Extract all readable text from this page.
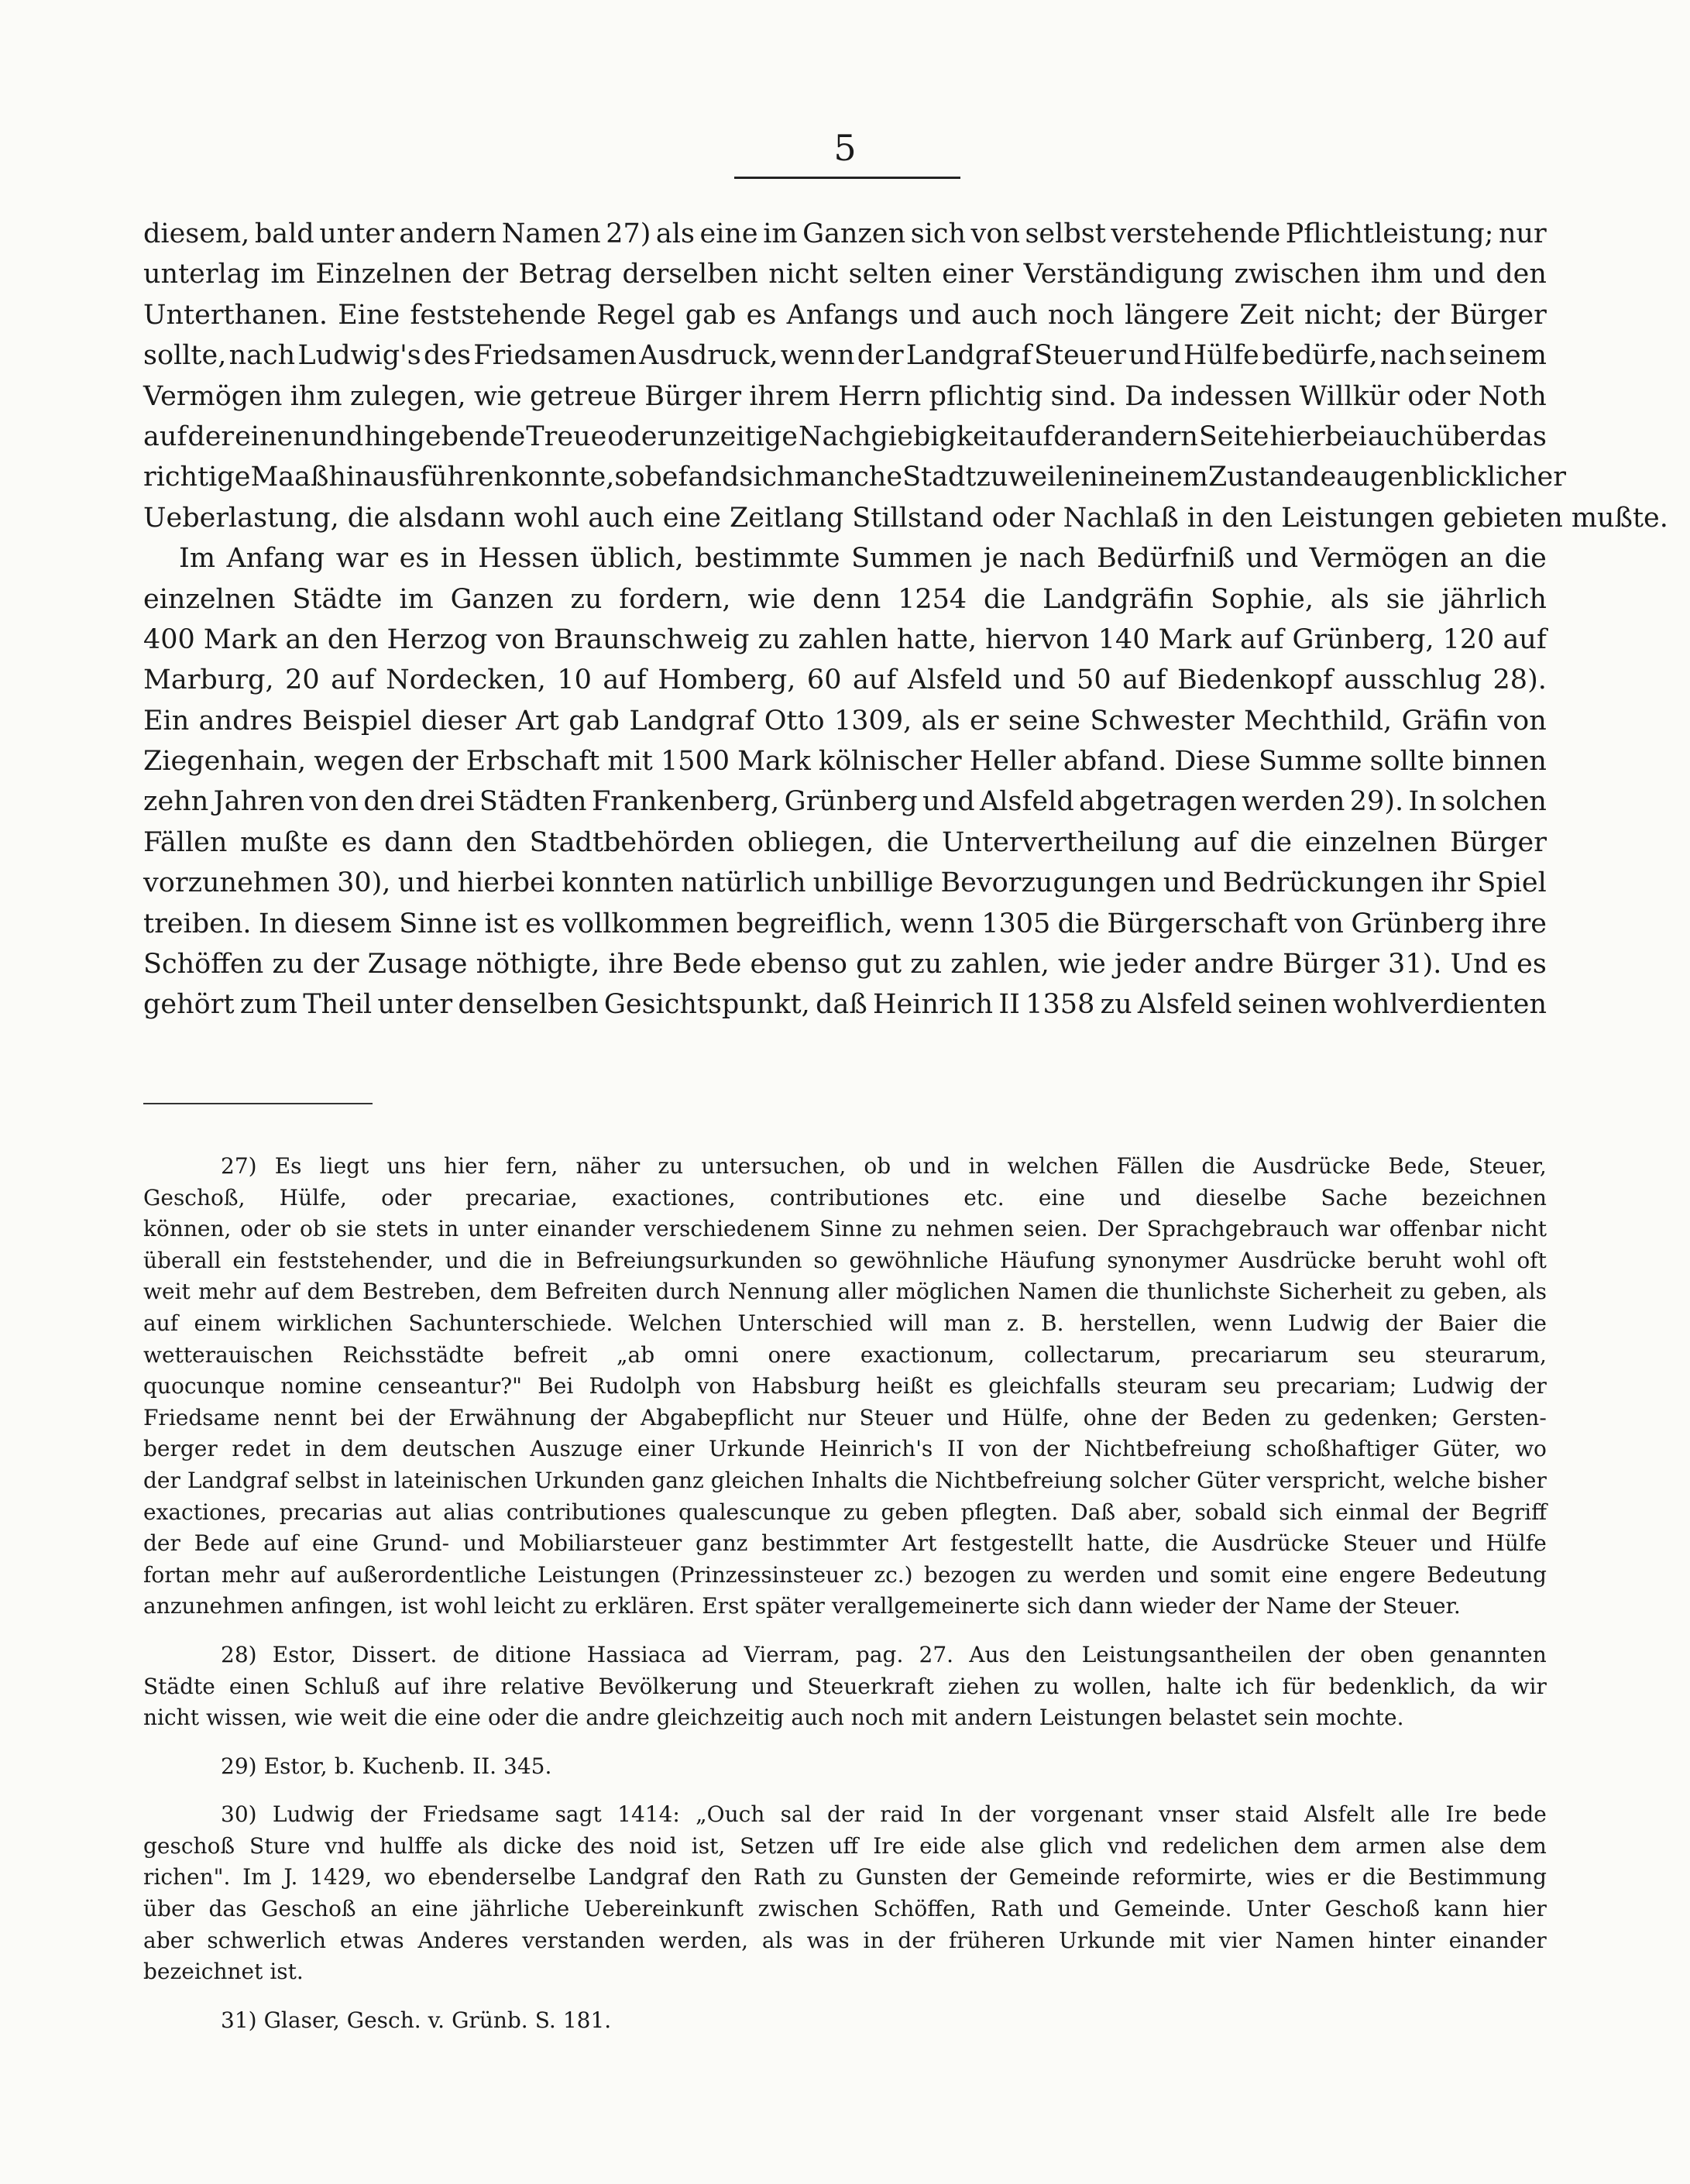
5
diesem, bald unter andern Namen 27) als eine im Ganzen sich von selbst verstehende Pflichtleistung; nur
unterlag im Einzelnen der Betrag derselben nicht selten einer Verständigung zwischen ihm und den
Unterthanen. Eine feststehende Regel gab es Anfangs und auch noch längere Zeit nicht; der Bürger
sollte, nach Ludwig's des Friedsamen Ausdruck, wenn der Landgraf Steuer und Hülfe bedürfe, nach seinem
Vermögen ihm zulegen, wie getreue Bürger ihrem Herrn pflichtig sind. Da indessen Willkür oder Noth
auf der einen und hingebende Treue oder unzeitige Nachgiebigkeit auf der andern Seite hierbei auch über das
richtige Maaß hinausführen konnte, so befand sich manche Stadt zuweilen in einem Zustande augenblicklicher
Ueberlastung, die alsdann wohl auch eine Zeitlang Stillstand oder Nachlaß in den Leistungen gebieten mußte.
Im Anfang war es in Hessen üblich, bestimmte Summen je nach Bedürfniß und Vermögen an die
einzelnen Städte im Ganzen zu fordern, wie denn 1254 die Landgräfin Sophie, als sie jährlich
400 Mark an den Herzog von Braunschweig zu zahlen hatte, hiervon 140 Mark auf Grünberg, 120 auf
Marburg, 20 auf Nordecken, 10 auf Homberg, 60 auf Alsfeld und 50 auf Biedenkopf ausschlug 28).
Ein andres Beispiel dieser Art gab Landgraf Otto 1309, als er seine Schwester Mechthild, Gräfin von
Ziegenhain, wegen der Erbschaft mit 1500 Mark kölnischer Heller abfand. Diese Summe sollte binnen
zehn Jahren von den drei Städten Frankenberg, Grünberg und Alsfeld abgetragen werden 29). In solchen
Fällen mußte es dann den Stadtbehörden obliegen, die Untervertheilung auf die einzelnen Bürger
vorzunehmen 30), und hierbei konnten natürlich unbillige Bevorzugungen und Bedrückungen ihr Spiel
treiben. In diesem Sinne ist es vollkommen begreiflich, wenn 1305 die Bürgerschaft von Grünberg ihre
Schöffen zu der Zusage nöthigte, ihre Bede ebenso gut zu zahlen, wie jeder andre Bürger 31). Und es
gehört zum Theil unter denselben Gesichtspunkt, daß Heinrich II 1358 zu Alsfeld seinen wohlverdienten
27) Es liegt uns hier fern, näher zu untersuchen, ob und in welchen Fällen die Ausdrücke Bede, Steuer,
Geschoß, Hülfe, oder precariae, exactiones, contributiones etc. eine und dieselbe Sache bezeichnen
können, oder ob sie stets in unter einander verschiedenem Sinne zu nehmen seien. Der Sprachgebrauch war offenbar nicht
überall ein feststehender, und die in Befreiungsurkunden so gewöhnliche Häufung synonymer Ausdrücke beruht wohl oft
weit mehr auf dem Bestreben, dem Befreiten durch Nennung aller möglichen Namen die thunlichste Sicherheit zu geben, als
auf einem wirklichen Sachunterschiede. Welchen Unterschied will man z. B. herstellen, wenn Ludwig der Baier die
wetterauischen Reichsstädte befreit „ab omni onere exactionum, collectarum, precariarum seu steurarum,
quocunque nomine censeantur?" Bei Rudolph von Habsburg heißt es gleichfalls steuram seu precariam; Ludwig der
Friedsame nennt bei der Erwähnung der Abgabepflicht nur Steuer und Hülfe, ohne der Beden zu gedenken; Gersten-
berger redet in dem deutschen Auszuge einer Urkunde Heinrich's II von der Nichtbefreiung schoßhaftiger Güter, wo
der Landgraf selbst in lateinischen Urkunden ganz gleichen Inhalts die Nichtbefreiung solcher Güter verspricht, welche bisher
exactiones, precarias aut alias contributiones qualescunque zu geben pflegten. Daß aber, sobald sich einmal der Begriff
der Bede auf eine Grund- und Mobiliarsteuer ganz bestimmter Art festgestellt hatte, die Ausdrücke Steuer und Hülfe
fortan mehr auf außerordentliche Leistungen (Prinzessinsteuer zc.) bezogen zu werden und somit eine engere Bedeutung
anzunehmen anfingen, ist wohl leicht zu erklären. Erst später verallgemeinerte sich dann wieder der Name der Steuer.
28) Estor, Dissert. de ditione Hassiaca ad Vierram, pag. 27. Aus den Leistungsantheilen der oben genannten
Städte einen Schluß auf ihre relative Bevölkerung und Steuerkraft ziehen zu wollen, halte ich für bedenklich, da wir
nicht wissen, wie weit die eine oder die andre gleichzeitig auch noch mit andern Leistungen belastet sein mochte.
29) Estor, b. Kuchenb. II. 345.
30) Ludwig der Friedsame sagt 1414: „Ouch sal der raid In der vorgenant vnser staid Alsfelt alle Ire bede
geschoß Sture vnd hulffe als dicke des noid ist, Setzen uff Ire eide alse glich vnd redelichen dem armen alse dem
richen". Im J. 1429, wo ebenderselbe Landgraf den Rath zu Gunsten der Gemeinde reformirte, wies er die Bestimmung
über das Geschoß an eine jährliche Uebereinkunft zwischen Schöffen, Rath und Gemeinde. Unter Geschoß kann hier
aber schwerlich etwas Anderes verstanden werden, als was in der früheren Urkunde mit vier Namen hinter einander
bezeichnet ist.
31) Glaser, Gesch. v. Grünb. S. 181.
